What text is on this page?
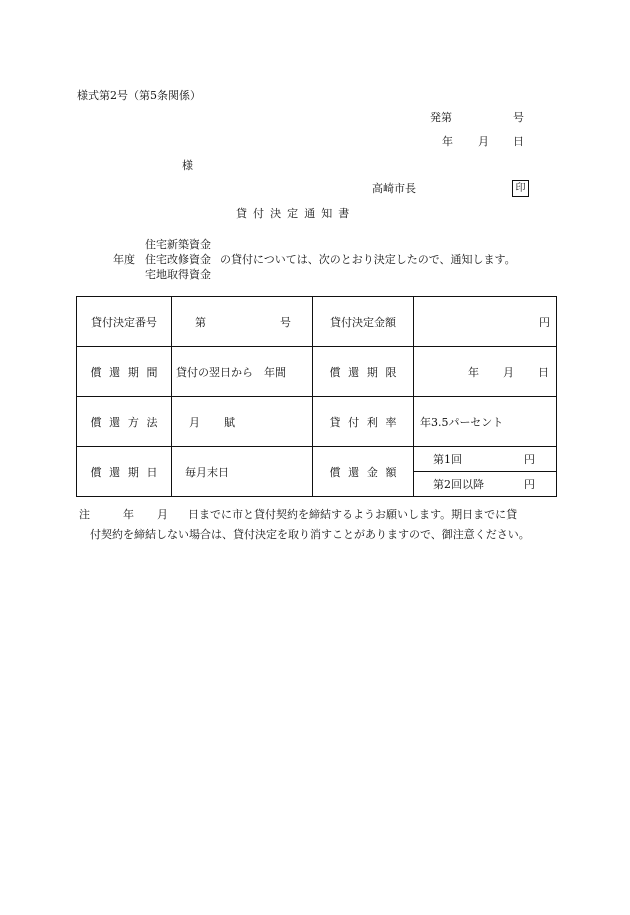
様式第2号（第5条関係）
発第	号
年 月 日
様
高崎市長	印
貸付決定通知書
住宅新築資金
年度 住宅改修資金 の貸付については、次のとおり決定したので、通知します。
宅地取得資金
貸付決定番号	第 号	貸付決定金額	円
償還期間	貸付の翌日から　年間	償還期限	年 月 日
償還方法	月 賦	貸付利率	年3.5パーセント
償還期日	毎月末日	償還金額	第1回 円
第2回以降 円
注	年 月 日までに市と貸付契約を締結するようお願いします。期日までに貸
付契約を締結しない場合は、貸付決定を取り消すことがありますので、御注意ください。
